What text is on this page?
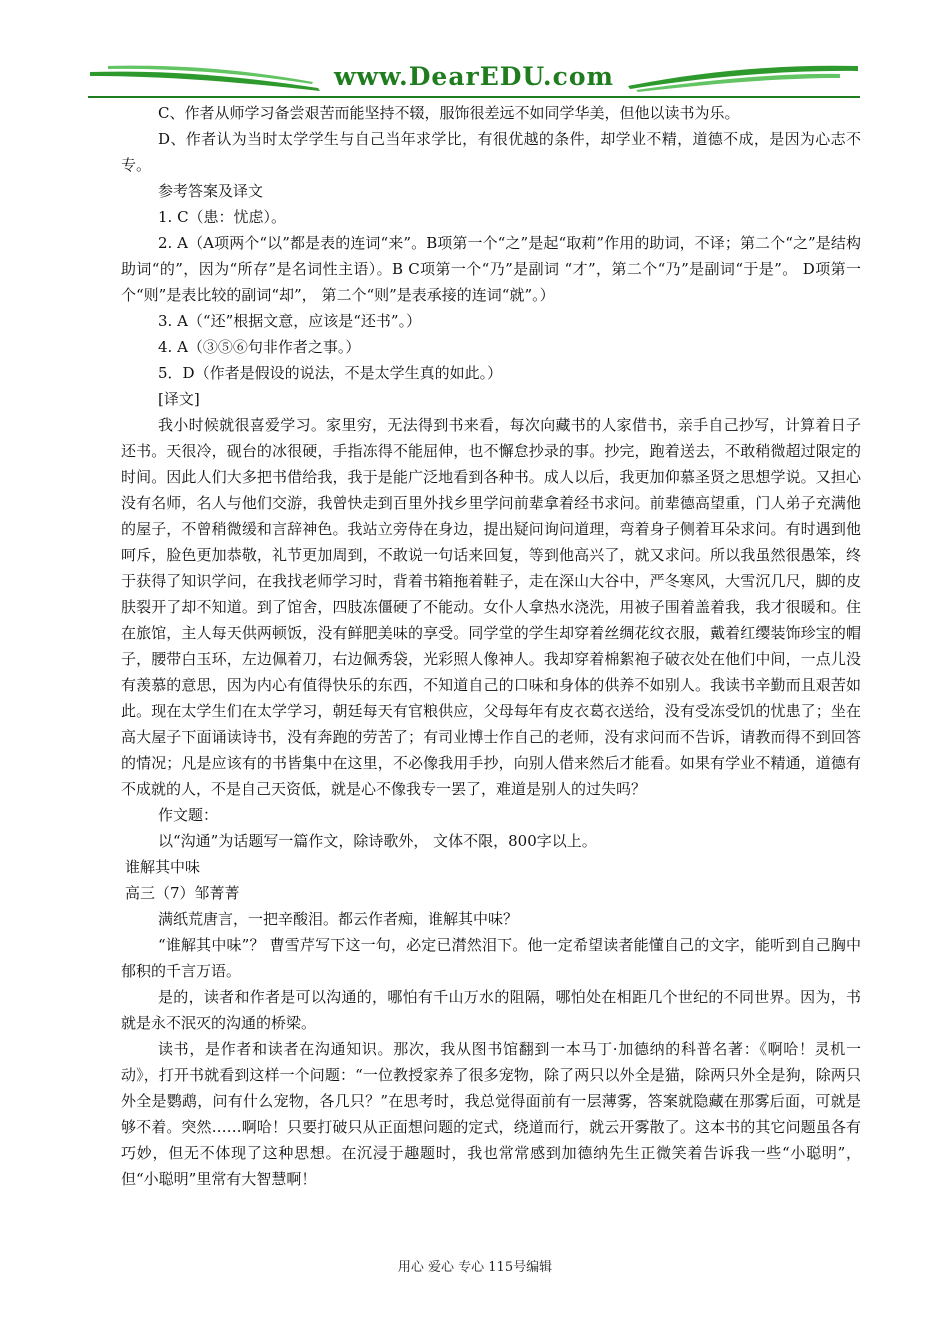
www.DearEDU.com

C、作者从师学习备尝艰苦而能坚持不辍，服饰很差远不如同学华美，但他以读书为乐。

D、作者认为当时太学学生与自己当年求学比，有很优越的条件，却学业不精，道德不成，是因为心志不专。

参考答案及译文

1. C（患：忧虑）。

2. A（A项两个“以”都是表的连词“来”。B项第一个“之”是起“取莉”作用的助词，不译；第二个“之”是结构助词“的”，因为“所存”是名词性主语）。B C项第一个“乃”是副词 “才”，第二个“乃”是副词“于是”。 D项第一个“则”是表比较的副词“却”， 第二个“则”是表承接的连词“就”。）

3. A（“还”根据文意，应该是“还书”。）

4. A（③⑤⑥句非作者之事。）

5．D（作者是假设的说法，不是太学生真的如此。）

[译文]

我小时候就很喜爱学习。家里穷，无法得到书来看，每次向藏书的人家借书，亲手自己抄写，计算着日子还书。天很冷，砚台的冰很硬，手指冻得不能屈伸，也不懈怠抄录的事。抄完，跑着送去，不敢稍微超过限定的时间。因此人们大多把书借给我，我于是能广泛地看到各种书。成人以后，我更加仰慕圣贤之思想学说。又担心没有名师，名人与他们交游，我曾快走到百里外找乡里学问前辈拿着经书求问。前辈德高望重，门人弟子充满他的屋子，不曾稍微缓和言辞神色。我站立旁侍在身边，提出疑问询问道理，弯着身子侧着耳朵求问。有时遇到他呵斥，脸色更加恭敬，礼节更加周到，不敢说一句话来回复，等到他高兴了，就又求问。所以我虽然很愚笨，终于获得了知识学问，在我找老师学习时，背着书箱拖着鞋子，走在深山大谷中，严冬寒风，大雪沉几尺，脚的皮肤裂开了却不知道。到了馆舍，四肢冻僵硬了不能动。女仆人拿热水浇洗，用被子围着盖着我，我才很暖和。住在旅馆，主人每天供两顿饭，没有鲜肥美味的享受。同学堂的学生却穿着丝绸花纹衣服，戴着红缨装饰珍宝的帽子，腰带白玉环，左边佩着刀，右边佩秀袋，光彩照人像神人。我却穿着棉絮袍子破衣处在他们中间，一点儿没有羡慕的意思，因为内心有值得快乐的东西，不知道自己的口味和身体的供养不如别人。我读书辛勤而且艰苦如此。现在太学生们在太学学习，朝廷每天有官粮供应，父母每年有皮衣葛衣送给，没有受冻受饥的忧患了；坐在高大屋子下面诵读诗书，没有奔跑的劳苦了；有司业博士作自己的老师，没有求问而不告诉，请教而得不到回答的情况；凡是应该有的书皆集中在这里，不必像我用手抄，向别人借来然后才能看。如果有学业不精通，道德有不成就的人，不是自己天资低，就是心不像我专一罢了，难道是别人的过失吗？

作文题：

以“沟通”为话题写一篇作文，除诗歌外， 文体不限，800字以上。

谁解其中味

高三（7）邹菁菁

满纸荒唐言，一把辛酸泪。都云作者痴，谁解其中味？

“谁解其中味”？ 曹雪芹写下这一句，必定已潸然泪下。他一定希望读者能懂自己的文字，能听到自己胸中郁积的千言万语。

是的，读者和作者是可以沟通的，哪怕有千山万水的阻隔，哪怕处在相距几个世纪的不同世界。因为，书就是永不泯灭的沟通的桥梁。

读书，是作者和读者在沟通知识。那次，我从图书馆翻到一本马丁·加德纳的科普名著：《啊哈！灵机一动》，打开书就看到这样一个问题：“一位教授家养了很多宠物，除了两只以外全是猫，除两只外全是狗，除两只外全是鹦鹉，问有什么宠物，各几只？”在思考时，我总觉得面前有一层薄雾，答案就隐藏在那雾后面，可就是够不着。突然……啊哈！只要打破只从正面想问题的定式，绕道而行，就云开雾散了。这本书的其它问题虽各有巧妙，但无不体现了这种思想。在沉浸于趣题时，我也常常感到加德纳先生正微笑着告诉我一些“小聪明”，但“小聪明”里常有大智慧啊！

用心 爱心 专心 115号编辑
